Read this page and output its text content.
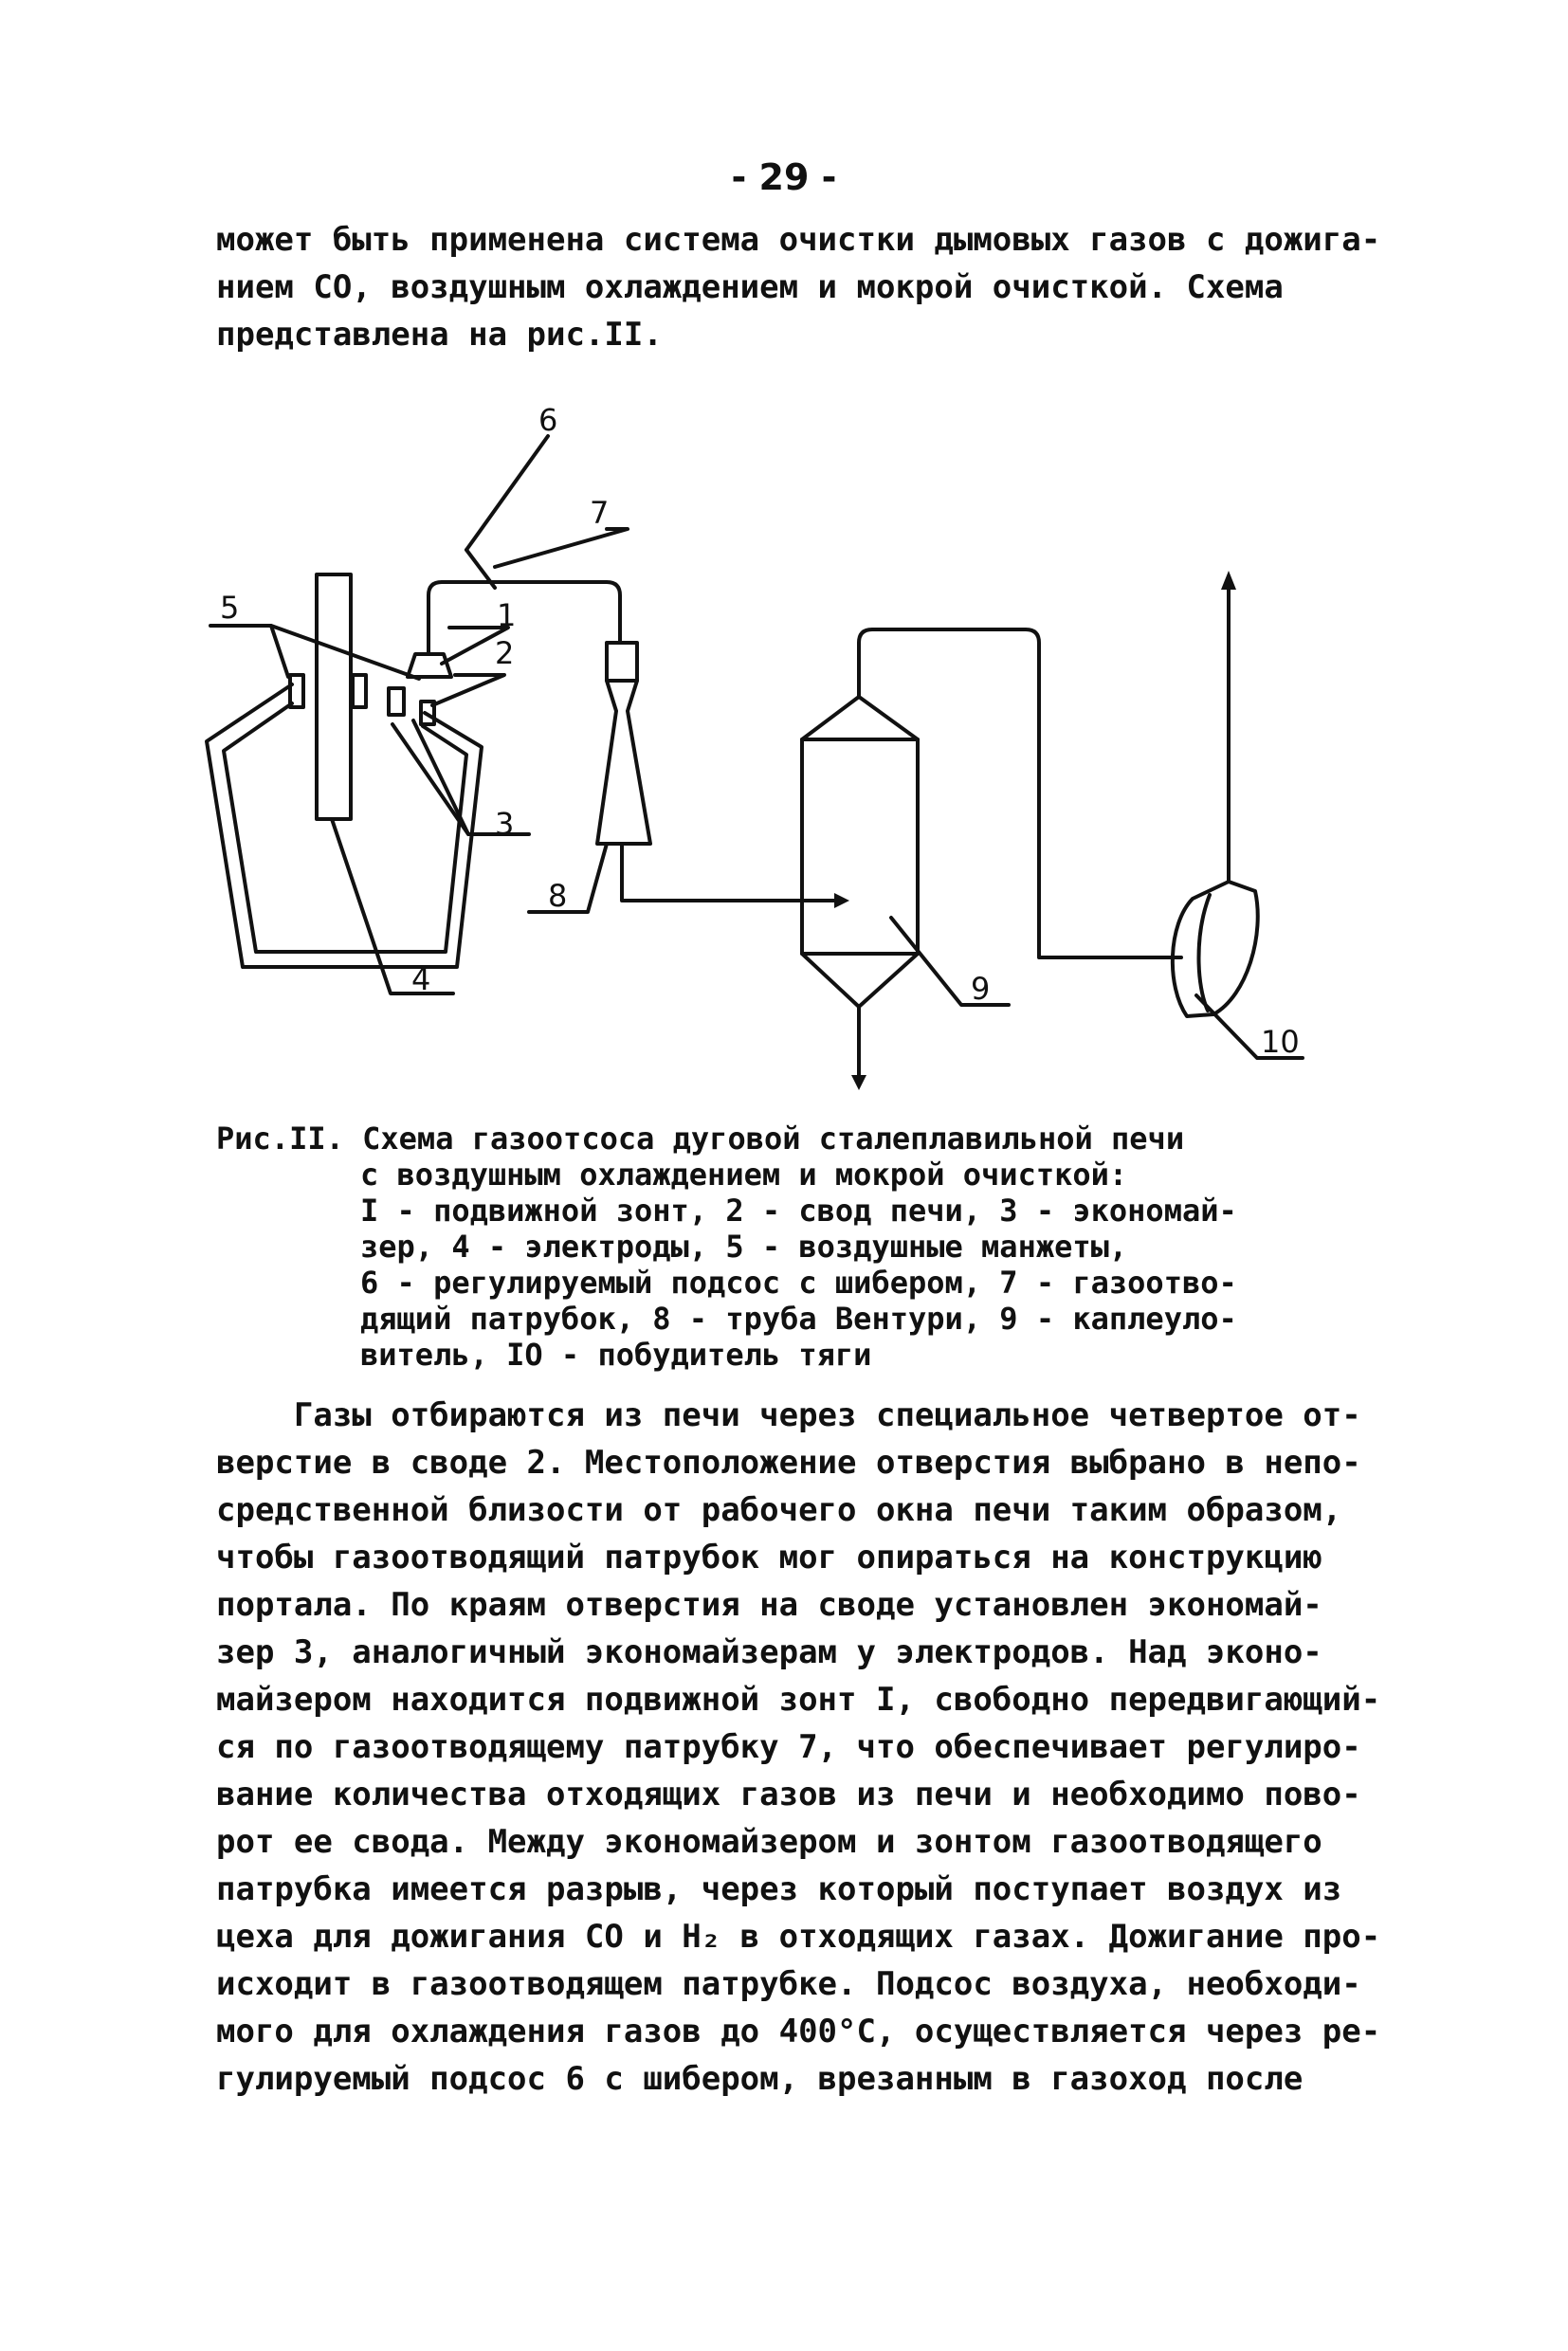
- 29 -
может быть применена система очистки дымовых газов с дожига-
нием СО, воздушным охлаждением и мокрой очисткой. Схема
представлена на рис.II.
1
2
3
4
5
6
7
8
9
10
Рис.II. Схема газоотсоса дуговой сталеплавильной печи
с воздушным охлаждением и мокрой очисткой:
I - подвижной зонт, 2 - свод печи, 3 - экономай-
зер, 4 - электроды, 5 - воздушные манжеты,
6 - регулируемый подсос с шибером, 7 - газоотво-
дящий патрубок, 8 - труба Вентури, 9 - каплеуло-
витель, IO - побудитель тяги
Газы отбираются из печи через специальное четвертое от-
верстие в своде 2. Местоположение отверстия выбрано в непо-
средственной близости от рабочего окна печи таким образом,
чтобы газоотводящий патрубок мог опираться на конструкцию
портала. По краям отверстия на своде установлен экономай-
зер 3, аналогичный экономайзерам у электродов. Над эконо-
майзером находится подвижной зонт I, свободно передвигающий-
ся по газоотводящему патрубку 7, что обеспечивает регулиро-
вание количества отходящих газов из печи и необходимо пово-
рот ее свода. Между экономайзером и зонтом газоотводящего
патрубка имеется разрыв, через который поступает воздух из
цеха для дожигания СО и H₂ в отходящих газах. Дожигание про-
исходит в газоотводящем патрубке. Подсос воздуха, необходи-
мого для охлаждения газов до 400°С, осуществляется через ре-
гулируемый подсос 6 с шибером, врезанным в газоход после
